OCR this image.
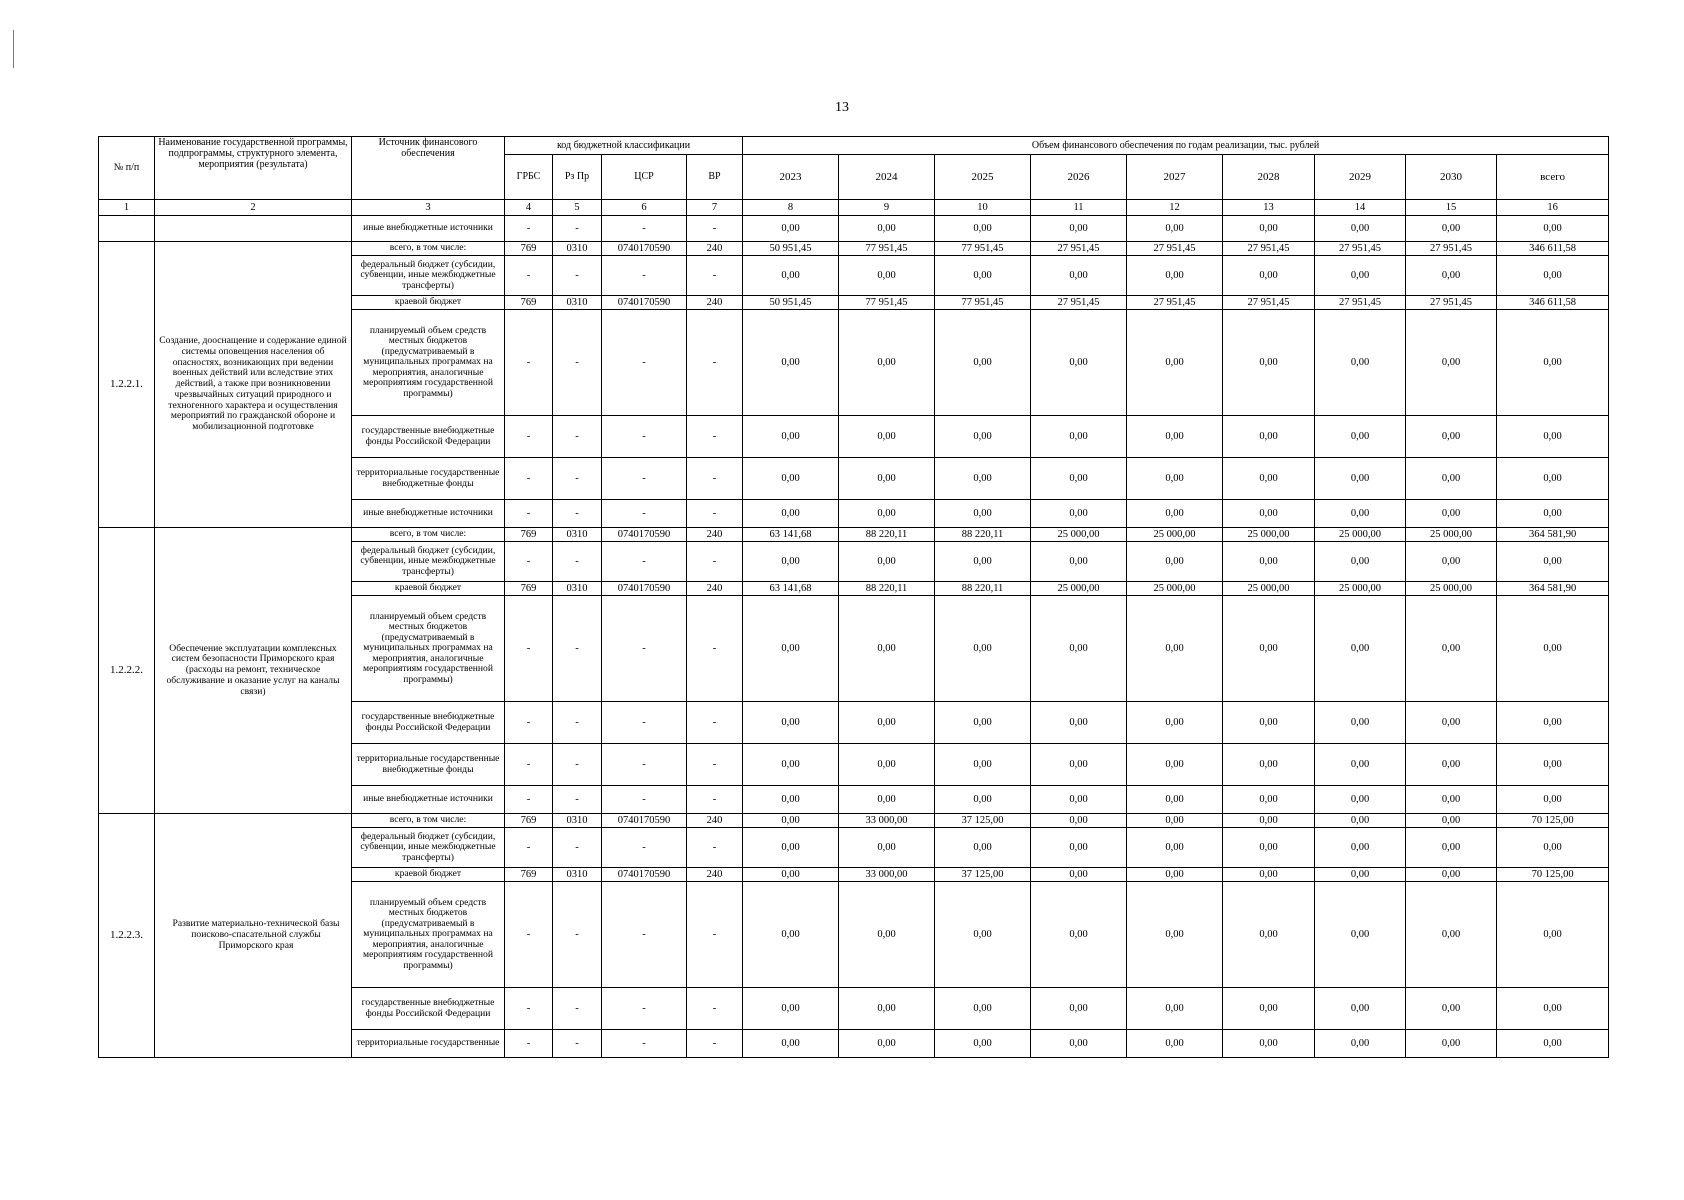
13
№ п/п	Наименование государственной программы, подпрограммы, структурного элемента, мероприятия (результата)	Источник финансового обеспечения	код бюджетной классификации				Объем финансового обеспечения по годам реализации, тыс. рублей								
			ГРБС	Рз Пр	ЦСР	ВР	2023	2024	2025	2026	2027	2028	2029	2030	всего
1	2	3	4	5	6	7	8	9	10	11	12	13	14	15	16
		иные внебюджетные источники	-	-	-	-	0,00	0,00	0,00	0,00	0,00	0,00	0,00	0,00	0,00
1.2.2.1.	Создание, дооснащение и содержание единой системы оповещения населения об опасностях, возникающих при ведении военных действий или вследствие этих действий, а также при возникновении чрезвычайных ситуаций природного и техногенного характера и осуществления мероприятий по гражданской обороне и мобилизационной подготовке	всего, в том числе:	769	0310	0740170590	240	50 951,45	77 951,45	77 951,45	27 951,45	27 951,45	27 951,45	27 951,45	27 951,45	346 611,58
		федеральный бюджет (субсидии, субвенции, иные межбюджетные трансферты)	-	-	-	-	0,00	0,00	0,00	0,00	0,00	0,00	0,00	0,00	0,00
		краевой бюджет	769	0310	0740170590	240	50 951,45	77 951,45	77 951,45	27 951,45	27 951,45	27 951,45	27 951,45	27 951,45	346 611,58
		планируемый объем средств местных бюджетов (предусматриваемый в муниципальных программах на мероприятия, аналогичные мероприятиям государственной программы)	-	-	-	-	0,00	0,00	0,00	0,00	0,00	0,00	0,00	0,00	0,00
		государственные внебюджетные фонды Российской Федерации	-	-	-	-	0,00	0,00	0,00	0,00	0,00	0,00	0,00	0,00	0,00
		территориальные государственные внебюджетные фонды	-	-	-	-	0,00	0,00	0,00	0,00	0,00	0,00	0,00	0,00	0,00
		иные внебюджетные источники	-	-	-	-	0,00	0,00	0,00	0,00	0,00	0,00	0,00	0,00	0,00
1.2.2.2.	Обеспечение эксплуатации комплексных систем безопасности Приморского края (расходы на ремонт, техническое обслуживание и оказание услуг на каналы связи)	всего, в том числе:	769	0310	0740170590	240	63 141,68	88 220,11	88 220,11	25 000,00	25 000,00	25 000,00	25 000,00	25 000,00	364 581,90
		федеральный бюджет (субсидии, субвенции, иные межбюджетные трансферты)	-	-	-	-	0,00	0,00	0,00	0,00	0,00	0,00	0,00	0,00	0,00
		краевой бюджет	769	0310	0740170590	240	63 141,68	88 220,11	88 220,11	25 000,00	25 000,00	25 000,00	25 000,00	25 000,00	364 581,90
		планируемый объем средств местных бюджетов (предусматриваемый в муниципальных программах на мероприятия, аналогичные мероприятиям государственной программы)	-	-	-	-	0,00	0,00	0,00	0,00	0,00	0,00	0,00	0,00	0,00
		государственные внебюджетные фонды Российской Федерации	-	-	-	-	0,00	0,00	0,00	0,00	0,00	0,00	0,00	0,00	0,00
		территориальные государственные внебюджетные фонды	-	-	-	-	0,00	0,00	0,00	0,00	0,00	0,00	0,00	0,00	0,00
		иные внебюджетные источники	-	-	-	-	0,00	0,00	0,00	0,00	0,00	0,00	0,00	0,00	0,00
1.2.2.3.	Развитие материально-технической базы поисково-спасательной службы Приморского края	всего, в том числе:	769	0310	0740170590	240	0,00	33 000,00	37 125,00	0,00	0,00	0,00	0,00	0,00	70 125,00
		федеральный бюджет (субсидии, субвенции, иные межбюджетные трансферты)	-	-	-	-	0,00	0,00	0,00	0,00	0,00	0,00	0,00	0,00	0,00
		краевой бюджет	769	0310	0740170590	240	0,00	33 000,00	37 125,00	0,00	0,00	0,00	0,00	0,00	70 125,00
		планируемый объем средств местных бюджетов (предусматриваемый в муниципальных программах на мероприятия, аналогичные мероприятиям государственной программы)	-	-	-	-	0,00	0,00	0,00	0,00	0,00	0,00	0,00	0,00	0,00
		государственные внебюджетные фонды Российской Федерации	-	-	-	-	0,00	0,00	0,00	0,00	0,00	0,00	0,00	0,00	0,00
		территориальные государственные	-	-	-	-	0,00	0,00	0,00	0,00	0,00	0,00	0,00	0,00	0,00
